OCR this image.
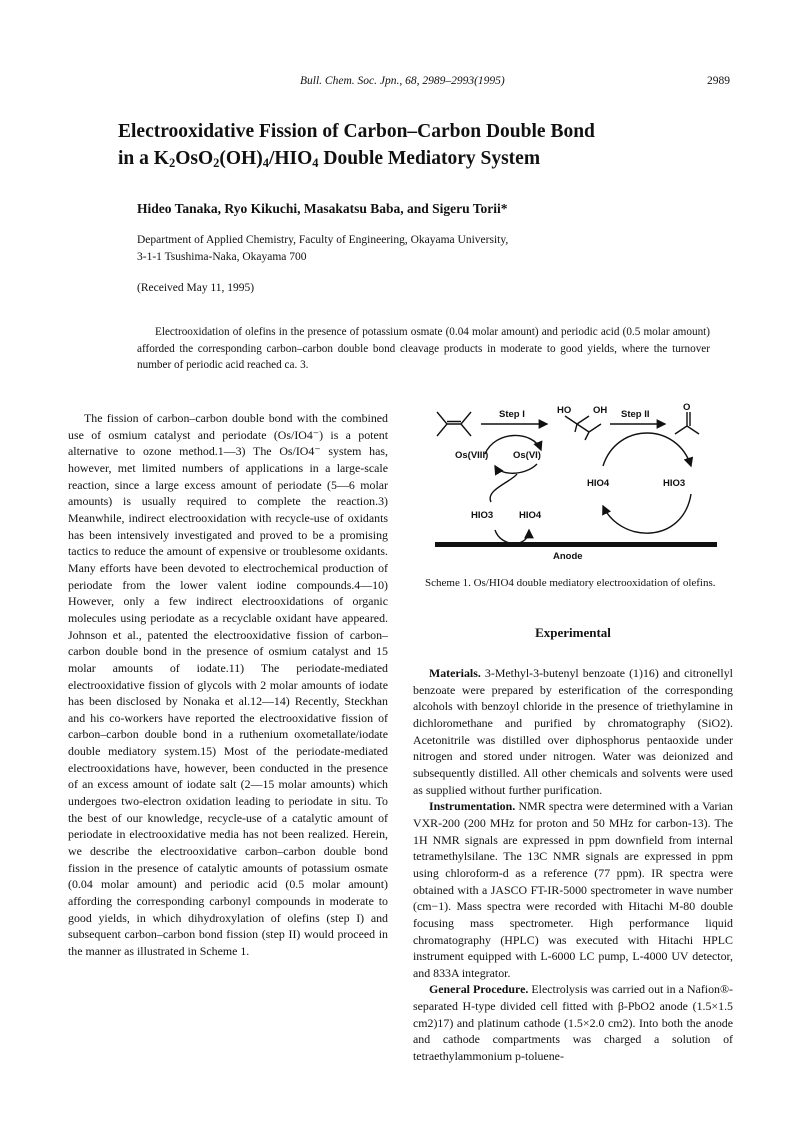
Bull. Chem. Soc. Jpn., 68, 2989–2993(1995)	2989
Electrooxidative Fission of Carbon–Carbon Double Bond
in a $K_2OsO_2(OH)_4/HIO_4$ Double Mediatory System
Hideo Tanaka, Ryo Kikuchi, Masakatsu Baba, and Sigeru Torii*
Department of Applied Chemistry, Faculty of Engineering, Okayama University,
3-1-1 Tsushima-Naka, Okayama 700
(Received May 11, 1995)

Electrooxidation of olefins in the presence of potassium osmate (0.04 molar amount) and periodic acid (0.5 molar amount) afforded the corresponding carbon–carbon double bond cleavage products in moderate to good yields, where the turnover number of periodic acid reached ca. 3.

The fission of carbon–carbon double bond with the combined use of osmium catalyst and periodate (Os/IO4⁻) is a potent alternative to ozone method.1—3) The Os/IO4⁻ system has, however, met limited numbers of applications in a large-scale reaction, since a large excess amount of periodate (5—6 molar amounts) is usually required to complete the reaction.3) Meanwhile, indirect electrooxidation with recycle-use of oxidants has been intensively investigated and proved to be a promising tactics to reduce the amount of expensive or troublesome oxidants. Many efforts have been devoted to electrochemical production of periodate from the lower valent iodine compounds.4—10) However, only a few indirect electrooxidations of organic molecules using periodate as a recyclable oxidant have appeared. Johnson et al., patented the electrooxidative fission of carbon–carbon double bond in the presence of osmium catalyst and 15 molar amounts of iodate.11) The periodate-mediated electrooxidative fission of glycols with 2 molar amounts of iodate has been disclosed by Nonaka et al.12—14) Recently, Steckhan and his co-workers have reported the electrooxidative fission of carbon–carbon double bond in a ruthenium oxometallate/iodate double mediatory system.15) Most of the periodate-mediated electrooxidations have, however, been conducted in the presence of an excess amount of iodate salt (2—15 molar amounts) which undergoes two-electron oxidation leading to periodate in situ. To the best of our knowledge, recycle-use of a catalytic amount of periodate in electrooxidative media has not been realized. Herein, we describe the electrooxidative carbon–carbon double bond fission in the presence of catalytic amounts of potassium osmate (0.04 molar amount) and periodic acid (0.5 molar amount) affording the corresponding carbonyl compounds in moderate to good yields, in which dihydroxylation of olefins (step I) and subsequent carbon–carbon bond fission (step II) would proceed in the manner as illustrated in Scheme 1.

Step I	Step II
HO OH	O
Os(VIII)	Os(VI)
HIO4	HIO3
HIO3	HIO4
Anode
Scheme 1. Os/HIO4 double mediatory electrooxidation of olefins.
Experimental

Materials. 3-Methyl-3-butenyl benzoate (1)16) and citronellyl benzoate were prepared by esterification of the corresponding alcohols with benzoyl chloride in the presence of triethylamine in dichloromethane and purified by chromatography (SiO2). Acetonitrile was distilled over diphosphorus pentaoxide under nitrogen and stored under nitrogen. Water was deionized and subsequently distilled. All other chemicals and solvents were used as supplied without further purification.

Instrumentation. NMR spectra were determined with a Varian VXR-200 (200 MHz for proton and 50 MHz for carbon-13). The 1H NMR signals are expressed in ppm downfield from internal tetramethylsilane. The 13C NMR signals are expressed in ppm using chloroform-d as a reference (77 ppm). IR spectra were obtained with a JASCO FT-IR-5000 spectrometer in wave number (cm−1). Mass spectra were recorded with Hitachi M-80 double focusing mass spectrometer. High performance liquid chromatography (HPLC) was executed with Hitachi HPLC instrument equipped with L-6000 LC pump, L-4000 UV detector, and 833A integrator.

General Procedure. Electrolysis was carried out in a Nafion®-separated H-type divided cell fitted with β-PbO2 anode (1.5×1.5 cm2)17) and platinum cathode (1.5×2.0 cm2). Into both the anode and cathode compartments was charged a solution of tetraethylammonium p-toluene-
